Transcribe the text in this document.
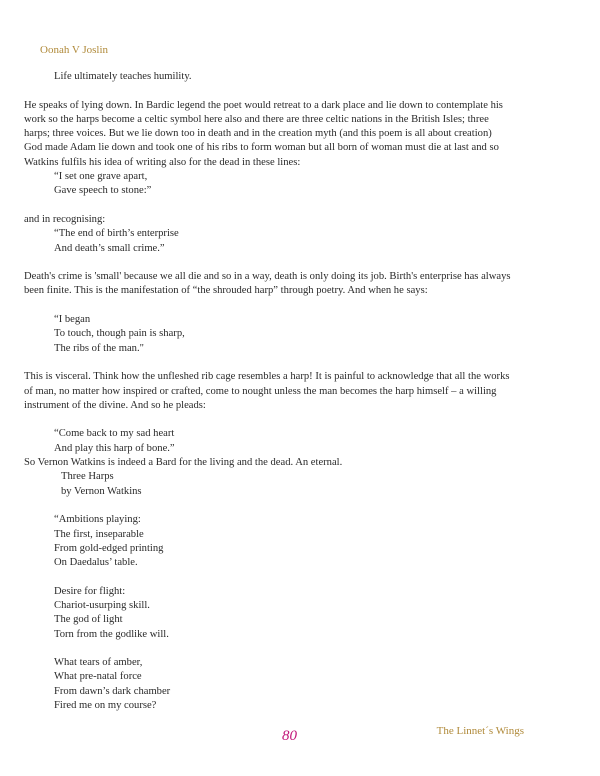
Oonah V Joslin
Life ultimately teaches humility.
He speaks of lying down. In Bardic legend the poet would retreat to a dark place and lie down to contemplate his
work so the harps become a celtic symbol here also and there are three celtic nations in the British Isles; three
harps; three voices. But we lie down too in death and in the creation myth (and this poem is all about creation)
God made Adam lie down and took one of his ribs to form woman but all born of woman must die at last and so
Watkins fulfils his idea of writing also for the dead in these lines:
“I set one grave apart,
Gave speech to stone:”
and in recognising:
“The end of birth’s enterprise
And death’s small crime.”
Death's crime is 'small' because we all die and so in a way, death is only doing its job. Birth's enterprise has always
been finite. This is the manifestation of “the shrouded harp” through poetry. And when he says:
“I began
To touch, though pain is sharp,
The ribs of the man."
This is visceral. Think how the unfleshed rib cage resembles a harp! It is painful to acknowledge that all the works
of man, no matter how inspired or crafted, come to nought unless the man becomes the harp himself – a willing
instrument of the divine. And so he pleads:
“Come back to my sad heart
And play this harp of bone.”
So Vernon Watkins is indeed a Bard for the living and the dead. An eternal.
Three Harps
by Vernon Watkins
“Ambitions playing:
The first, inseparable
From gold-edged printing
On Daedalus’ table.
Desire for flight:
Chariot-usurping skill.
The god of light
Torn from the godlike will.
What tears of amber,
What pre-natal force
From dawn’s dark chamber
Fired me on my course?
80	The Linnet´s Wings
